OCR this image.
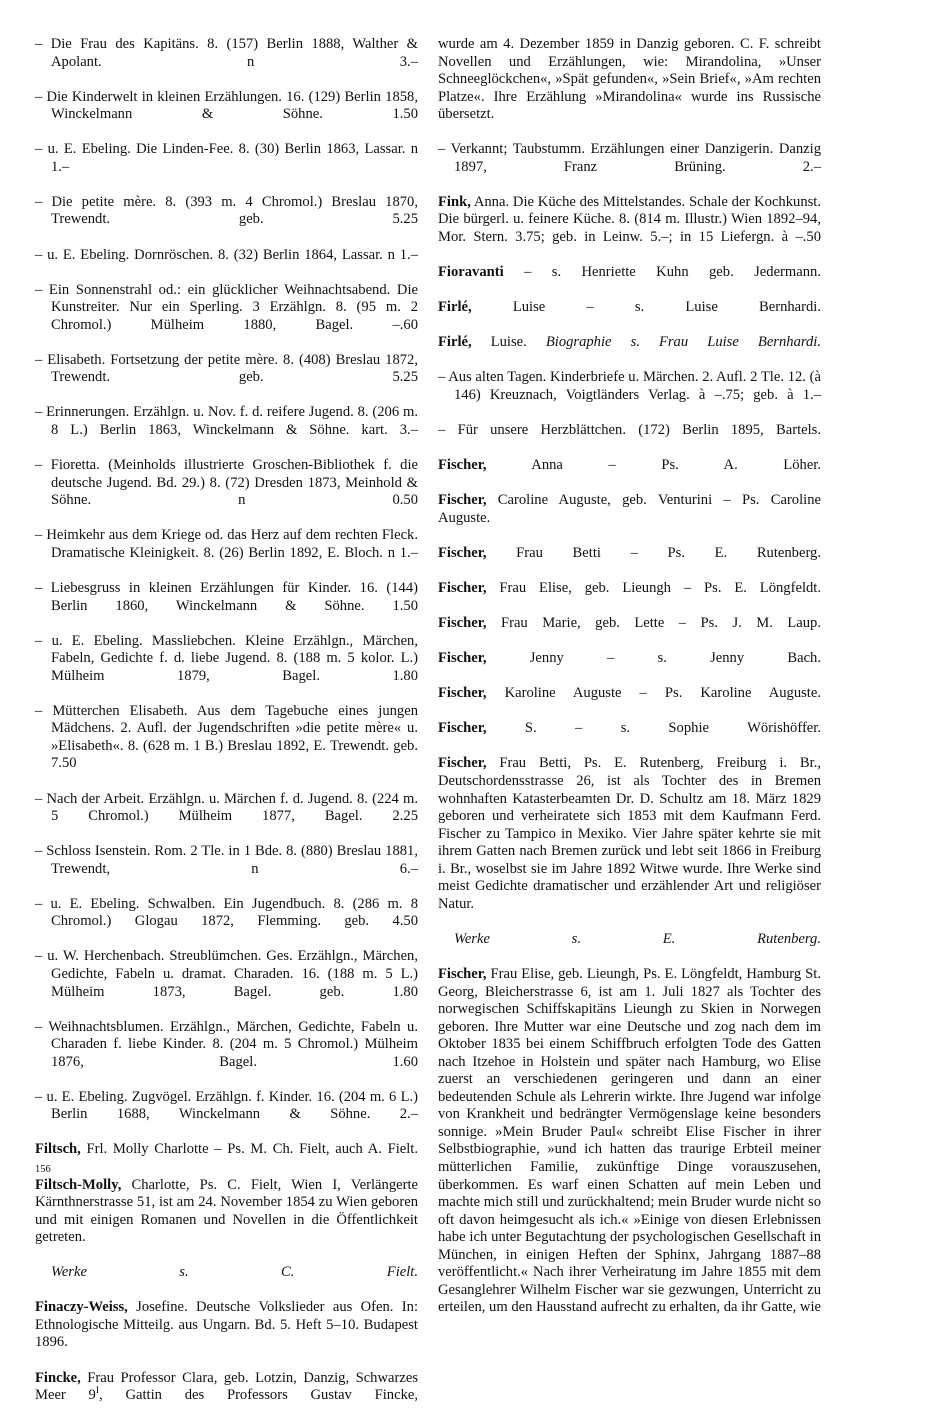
– Die Frau des Kapitäns. 8. (157) Berlin 1888, Walther & Apolant. n 3.–

– Die Kinderwelt in kleinen Erzählungen. 16. (129) Berlin 1858, Winckelmann & Söhne. 1.50

– u. E. Ebeling. Die Linden-Fee. 8. (30) Berlin 1863, Lassar. n 1.–

– Die petite mère. 8. (393 m. 4 Chromol.) Breslau 1870, Trewendt. geb. 5.25

– u. E. Ebeling. Dornröschen. 8. (32) Berlin 1864, Lassar. n 1.–

– Ein Sonnenstrahl od.: ein glücklicher Weihnachtsabend. Die Kunstreiter. Nur ein Sperling. 3 Erzählgn. 8. (95 m. 2 Chromol.) Mülheim 1880, Bagel. –.60

– Elisabeth. Fortsetzung der petite mère. 8. (408) Breslau 1872, Trewendt. geb. 5.25

– Erinnerungen. Erzählgn. u. Nov. f. d. reifere Jugend. 8. (206 m. 8 L.) Berlin 1863, Winckelmann & Söhne. kart. 3.–

– Fioretta. (Meinholds illustrierte Groschen-Bibliothek f. die deutsche Jugend. Bd. 29.) 8. (72) Dresden 1873, Meinhold & Söhne. n 0.50

– Heimkehr aus dem Kriege od. das Herz auf dem rechten Fleck. Dramatische Kleinigkeit. 8. (26) Berlin 1892, E. Bloch. n 1.–

– Liebesgruss in kleinen Erzählungen für Kinder. 16. (144) Berlin 1860, Winckelmann & Söhne. 1.50

– u. E. Ebeling. Massliebchen. Kleine Erzählgn., Märchen, Fabeln, Gedichte f. d. liebe Jugend. 8. (188 m. 5 kolor. L.) Mülheim 1879, Bagel. 1.80

– Mütterchen Elisabeth. Aus dem Tagebuche eines jungen Mädchens. 2. Aufl. der Jugendschriften »die petite mère« u. »Elisabeth«. 8. (628 m. 1 B.) Breslau 1892, E. Trewendt. geb. 7.50

– Nach der Arbeit. Erzählgn. u. Märchen f. d. Jugend. 8. (224 m. 5 Chromol.) Mülheim 1877, Bagel. 2.25

– Schloss Isenstein. Rom. 2 Tle. in 1 Bde. 8. (880) Breslau 1881, Trewendt, n 6.–

– u. E. Ebeling. Schwalben. Ein Jugendbuch. 8. (286 m. 8 Chromol.) Glogau 1872, Flemming. geb. 4.50

– u. W. Herchenbach. Streublümchen. Ges. Erzählgn., Märchen, Gedichte, Fabeln u. dramat. Charaden. 16. (188 m. 5 L.) Mülheim 1873, Bagel. geb. 1.80

– Weihnachtsblumen. Erzählgn., Märchen, Gedichte, Fabeln u. Charaden f. liebe Kinder. 8. (204 m. 5 Chromol.) Mülheim 1876, Bagel. 1.60

– u. E. Ebeling. Zugvögel. Erzählgn. f. Kinder. 16. (204 m. 6 L.) Berlin 1688, Winckelmann & Söhne. 2.–

Filtsch, Frl. Molly Charlotte – Ps. M. Ch. Fielt, auch A. Fielt.

Filtsch-Molly, Charlotte, Ps. C. Fielt, Wien I, Verlängerte Kärnthnerstrasse 51, ist am 24. November 1854 zu Wien geboren und mit einigen Romanen und Novellen in die Öffentlichkeit getreten.

Werke s. C. Fielt.

Finaczy-Weiss, Josefine. Deutsche Volkslieder aus Ofen. In: Ethnologische Mitteilg. aus Ungarn. Bd. 5. Heft 5–10. Budapest 1896.

Fincke, Frau Professor Clara, geb. Lotzin, Danzig, Schwarzes Meer $9^I$, Gattin des Professors Gustav Fincke,

wurde am 4. Dezember 1859 in Danzig geboren. C. F. schreibt Novellen und Erzählungen, wie: Mirandolina, »Unser Schneeglöckchen«, »Spät gefunden«, »Sein Brief«, »Am rechten Platze«. Ihre Erzählung »Mirandolina« wurde ins Russische übersetzt.

– Verkannt; Taubstumm. Erzählungen einer Danzigerin. Danzig 1897, Franz Brüning. 2.–

Fink, Anna. Die Küche des Mittelstandes. Schale der Kochkunst. Die bürgerl. u. feinere Küche. 8. (814 m. Illustr.) Wien 1892–94, Mor. Stern. 3.75; geb. in Leinw. 5.–; in 15 Liefergn. à –.50

Fioravanti – s. Henriette Kuhn geb. Jedermann.

Firlé, Luise – s. Luise Bernhardi.

Firlé, Luise. Biographie s. Frau Luise Bernhardi.

– Aus alten Tagen. Kinderbriefe u. Märchen. 2. Aufl. 2 Tle. 12. (à 146) Kreuznach, Voigtländers Verlag. à –.75; geb. à 1.–

– Für unsere Herzblättchen. (172) Berlin 1895, Bartels.

Fischer, Anna – Ps. A. Löher.

Fischer, Caroline Auguste, geb. Venturini – Ps. Caroline Auguste.

Fischer, Frau Betti – Ps. E. Rutenberg.

Fischer, Frau Elise, geb. Lieungh – Ps. E. Löngfeldt.

Fischer, Frau Marie, geb. Lette – Ps. J. M. Laup.

Fischer, Jenny – s. Jenny Bach.

Fischer, Karoline Auguste – Ps. Karoline Auguste.

Fischer, S. – s. Sophie Wörishöffer.

Fischer, Frau Betti, Ps. E. Rutenberg, Freiburg i. Br., Deutschordensstrasse 26, ist als Tochter des in Bremen wohnhaften Katasterbeamten Dr. D. Schultz am 18. März 1829 geboren und verheiratete sich 1853 mit dem Kaufmann Ferd. Fischer zu Tampico in Mexiko. Vier Jahre später kehrte sie mit ihrem Gatten nach Bremen zurück und lebt seit 1866 in Freiburg i. Br., woselbst sie im Jahre 1892 Witwe wurde. Ihre Werke sind meist Gedichte dramatischer und erzählender Art und religiöser Natur.

Werke s. E. Rutenberg.

Fischer, Frau Elise, geb. Lieungh, Ps. E. Löngfeldt, Hamburg St. Georg, Bleicherstrasse 6, ist am 1. Juli 1827 als Tochter des norwegischen Schiffskapitäns Lieungh zu Skien in Norwegen geboren. Ihre Mutter war eine Deutsche und zog nach dem im Oktober 1835 bei einem Schiffbruch erfolgten Tode des Gatten nach Itzehoe in Holstein und später nach Hamburg, wo Elise zuerst an verschiedenen geringeren und dann an einer bedeutenden Schule als Lehrerin wirkte. Ihre Jugend war infolge von Krankheit und bedrängter Vermögenslage keine besonders sonnige. »Mein Bruder Paul« schreibt Elise Fischer in ihrer Selbstbiographie, »und ich hatten das traurige Erbteil meiner mütterlichen Familie, zukünftige Dinge vorauszusehen, überkommen. Es warf einen Schatten auf mein Leben und machte mich still und zurückhaltend; mein Bruder wurde nicht so oft davon heimgesucht als ich.« »Einige von diesen Erlebnissen habe ich unter Begutachtung der psychologischen Gesellschaft in München, in einigen Heften der Sphinx, Jahrgang 1887–88 veröffentlicht.« Nach ihrer Verheiratung im Jahre 1855 mit dem Gesanglehrer Wilhelm Fischer war sie gezwungen, Unterricht zu erteilen, um den Hausstand aufrecht zu erhalten, da ihr Gatte, wie

156
